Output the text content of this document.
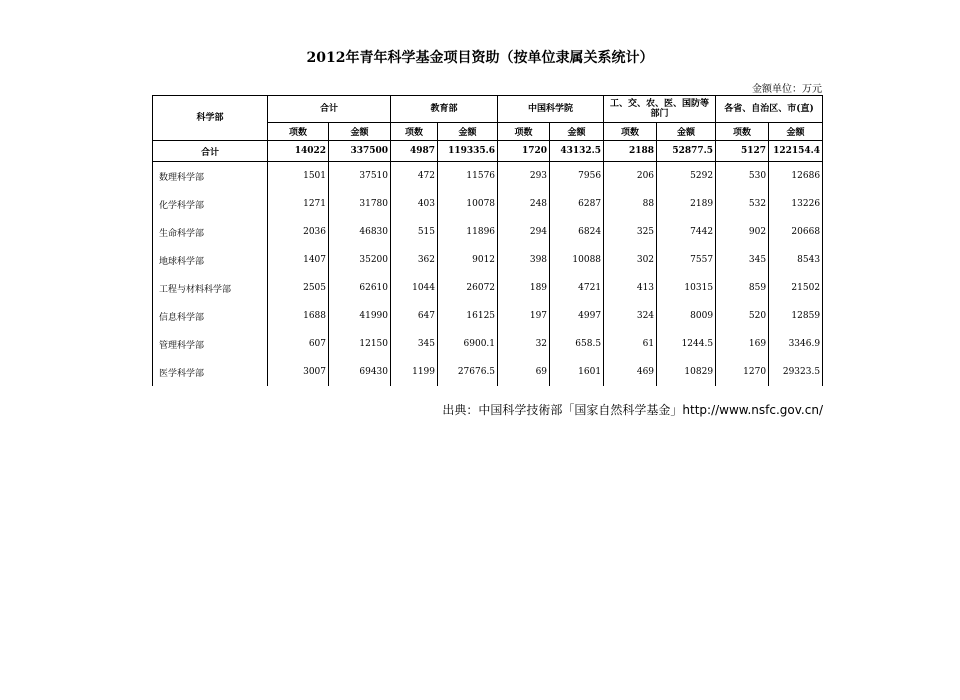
2012年青年科学基金项目资助（按单位隶属关系统计）
金额单位：万元
科学部	合计		教育部		中国科学院		工、交、农、医、国防等部门		各省、自治区、市(直)	
	项数	金额	项数	金额	项数	金额	项数	金额	项数	金额
合计	14022	337500	4987	119335.6	1720	43132.5	2188	52877.5	5127	122154.4
数理科学部	1501	37510	472	11576	293	7956	206	5292	530	12686
化学科学部	1271	31780	403	10078	248	6287	88	2189	532	13226
生命科学部	2036	46830	515	11896	294	6824	325	7442	902	20668
地球科学部	1407	35200	362	9012	398	10088	302	7557	345	8543
工程与材料科学部	2505	62610	1044	26072	189	4721	413	10315	859	21502
信息科学部	1688	41990	647	16125	197	4997	324	8009	520	12859
管理科学部	607	12150	345	6900.1	32	658.5	61	1244.5	169	3346.9
医学科学部	3007	69430	1199	27676.5	69	1601	469	10829	1270	29323.5
出典：中国科学技術部「国家自然科学基金」http://www.nsfc.gov.cn/
